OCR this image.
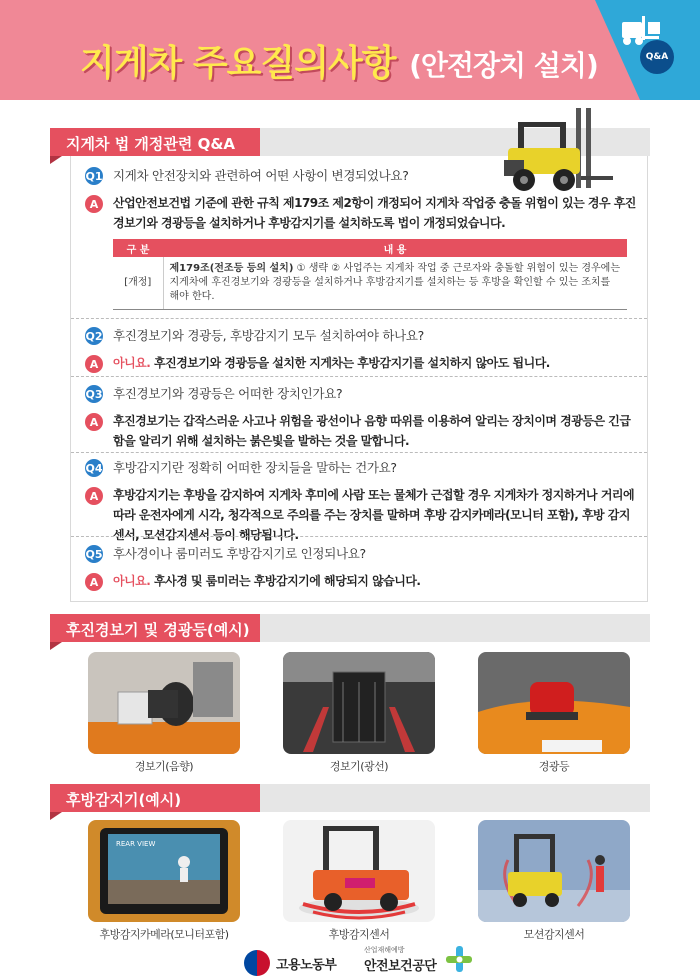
지게차 주요질의사항 (안전장치 설치)	Q&A
지게차 법 개정관련 Q&A
Q1 지게차 안전장치와 관련하여 어떤 사항이 변경되었나요?
A	산업안전보건법 기준에 관한 규칙 제179조 제2항이 개정되어 지게차 작업중 충돌 위험이 있는 경우 후진 경보기와 경광등을 설치하거나 후방감지기를 설치하도록 법이 개정되었습니다.
구 분	내 용
[개정]	제179조(전조등 등의 설치) ① 생략 ② 사업주는 지게차 작업 중 근로자와 충돌할 위험이 있는 경우에는 지게차에 후진경보기와 경광등을 설치하거나 후방감지기를 설치하는 등 후방을 확인할 수 있는 조치를 해야 한다.
Q2 후진경보기와 경광등, 후방감지기 모두 설치하여야 하나요?
A	아니요. 후진경보기와 경광등을 설치한 지게차는 후방감지기를 설치하지 않아도 됩니다.
Q3 후진경보기와 경광등은 어떠한 장치인가요?
A	후진경보기는 갑작스러운 사고나 위험을 광선이나 음향 따위를 이용하여 알리는 장치이며 경광등은 긴급함을 알리기 위해 설치하는 붉은빛을 발하는 것을 말합니다.
Q4 후방감지기란 정확히 어떠한 장치들을 말하는 건가요?
A	후방감지기는 후방을 감지하여 지게차 후미에 사람 또는 물체가 근접할 경우 지게차가 정지하거나 거리에 따라 운전자에게 시각, 청각적으로 주의를 주는 장치를 말하며 후방 감지카메라(모니터 포함), 후방 감지센서, 모션감지센서 등이 해당됩니다.
Q5 후사경이나 룸미러도 후방감지기로 인정되나요?
A	아니요. 후사경 및 룸미러는 후방감지기에 해당되지 않습니다.
후진경보기 및 경광등(예시)
경보기(음향)	경보기(광선)	경광등
후방감지기(예시)
REAR VIEW
후방감지카메라(모니터포함)	후방감지센서	모션감지센서
고용노동부
산업재해예방
안전보건공단
